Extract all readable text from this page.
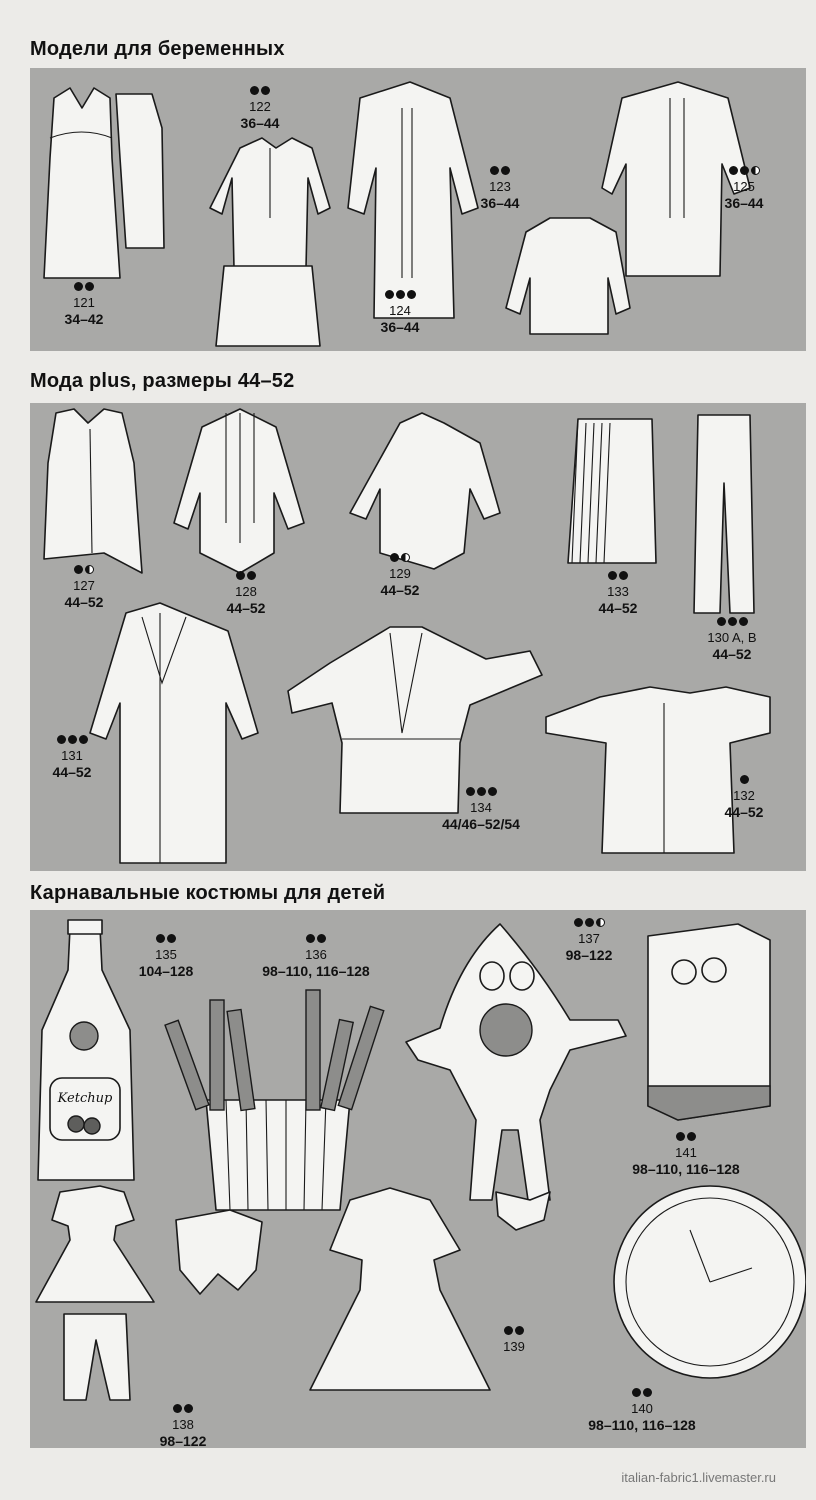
Модели для беременных
121
34–42
122
36–44
123
36–44
124
36–44
125
36–44
Мода plus, размеры 44–52
127
44–52
128
44–52
129
44–52	133
44–52
130 A, B
44–52
131
44–52
134
44/46–52/54
132
44–52
Карнавальные костюмы для детей
Ketchup
135
104–128
136
98–110, 116–128
137
98–122
141
98–110, 116–128
138
98–122
139
140
98–110, 116–128
italian-fabric1.livemaster.ru
